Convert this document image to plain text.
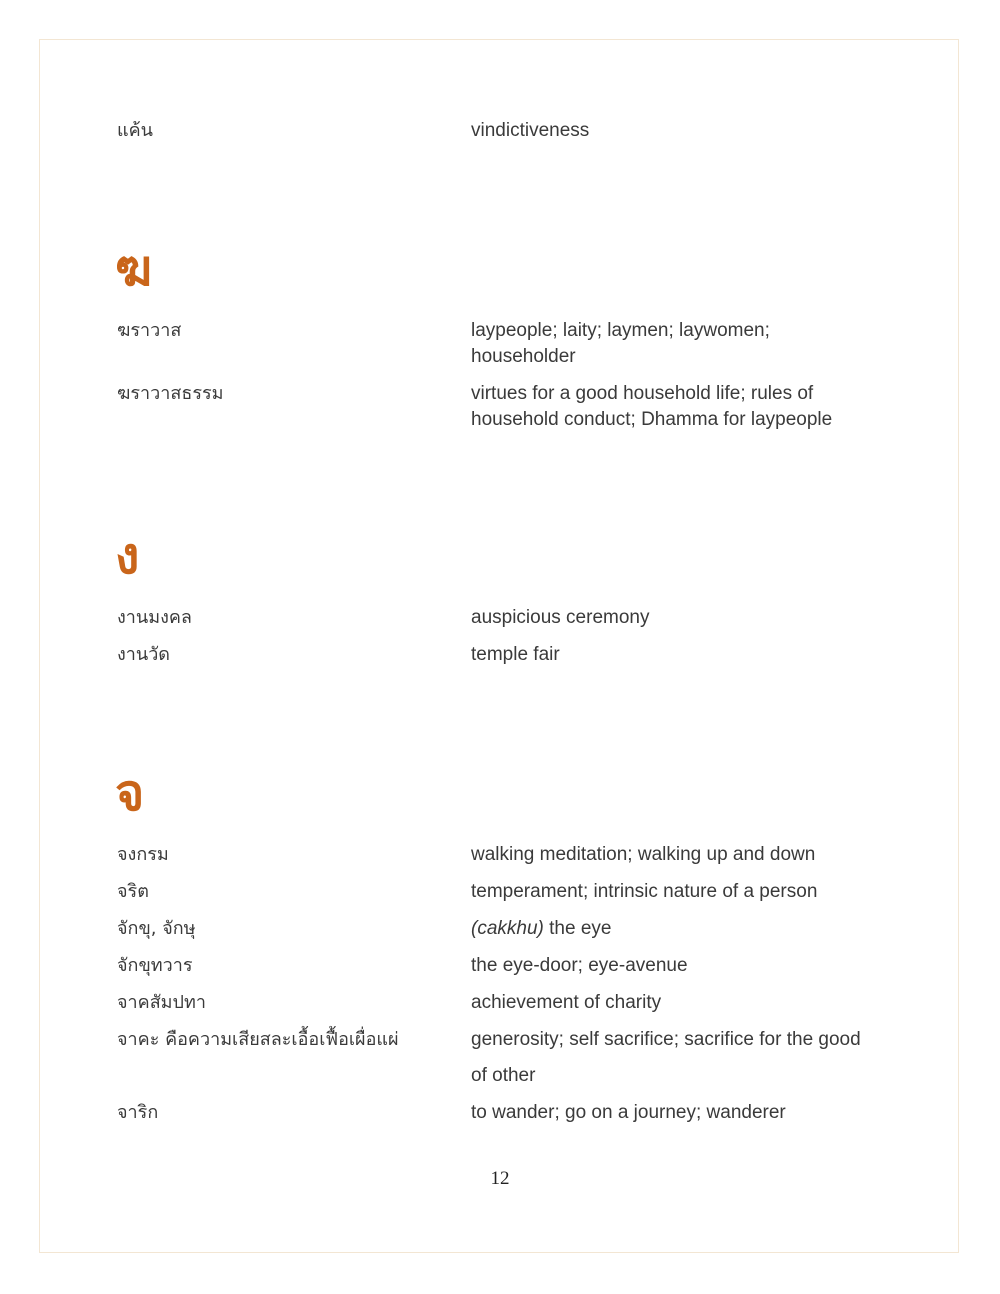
แค้น	vindictiveness
ฆ
ฆราวาส	laypeople; laity; laymen; laywomen; householder
ฆราวาสธรรม	virtues for a good household life; rules of household conduct; Dhamma for laypeople
ง
งานมงคล	auspicious ceremony
งานวัด	temple fair
จ
จงกรม	walking meditation; walking up and down
จริต	temperament; intrinsic nature of a person
จักขุ, จักษุ	(cakkhu) the eye
จักขุทวาร	the eye-door; eye-avenue
จาคสัมปทา	achievement of charity
จาคะ คือความเสียสละเอื้อเฟื้อเผื่อแผ่	generosity; self sacrifice; sacrifice for the good of other
จาริก	to wander; go on a journey; wanderer
12
